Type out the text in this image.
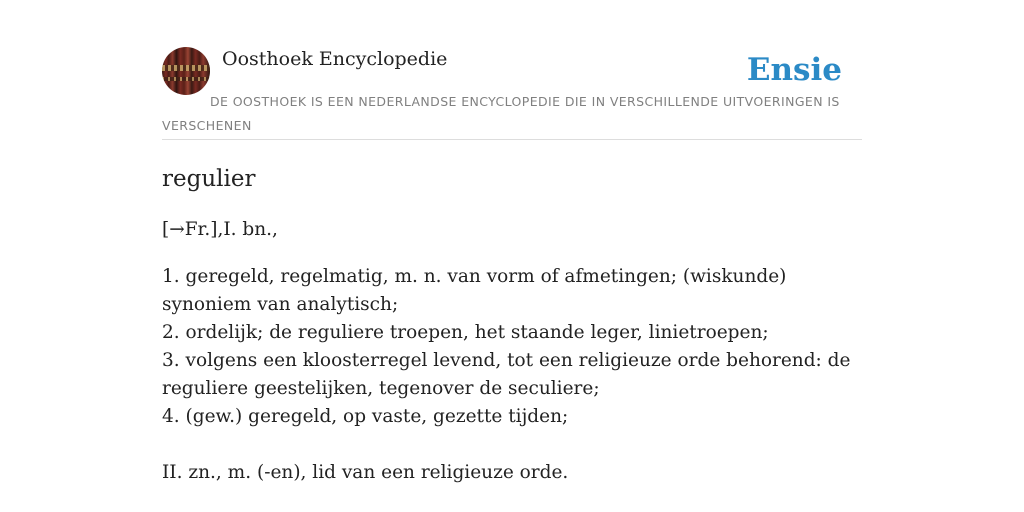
Oosthoek Encyclopedie	Ensie
DE OOSTHOEK IS EEN NEDERLANDSE ENCYCLOPEDIE DIE IN VERSCHILLENDE UITVOERINGEN IS VERSCHENEN
regulier

[→Fr.],I. bn.,

1. geregeld, regelmatig, m. n. van vorm of afmetingen; (wiskunde) synoniem van analytisch;
2. ordelijk; de reguliere troepen, het staande leger, linietroepen;
3. volgens een kloosterregel levend, tot een religieuze orde behorend: de reguliere geestelijken, tegenover de seculiere;
4. (gew.) geregeld, op vaste, gezette tijden;

II. zn., m. (-en), lid van een religieuze orde.
